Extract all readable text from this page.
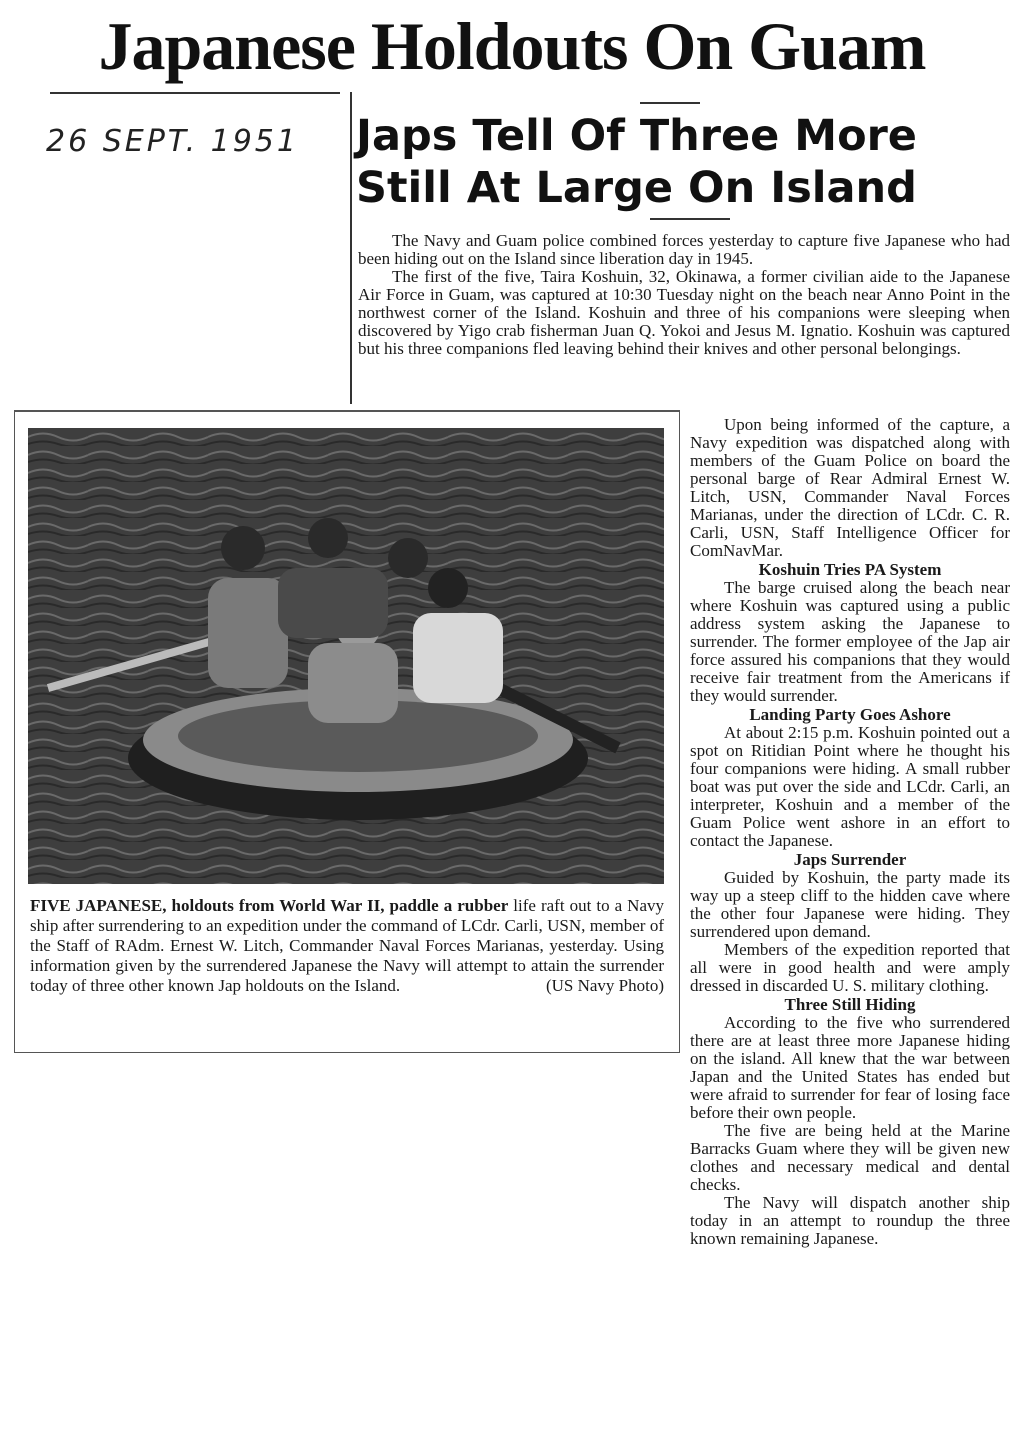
Japanese Holdouts On Guam
26 SEPT. 1951 Japs Tell Of Three More
Still At Large On Island

The Navy and Guam police combined forces yesterday to capture five Japanese who had been hiding out on the Island since liberation day in 1945.

The first of the five, Taira Koshuin, 32, Okinawa, a former civilian aide to the Japanese Air Force in Guam, was captured at 10:30 Tuesday night on the beach near Anno Point in the northwest corner of the Island. Koshuin and three of his companions were sleeping when discovered by Yigo crab fisherman Juan Q. Yokoi and Jesus M. Ignatio. Koshuin was captured but his three companions fled leaving behind their knives and other personal belongings.

FIVE JAPANESE, holdouts from World War II, paddle a rubber life raft out to a Navy ship after surrendering to an expedition under the command of LCdr. Carli, USN, member of the Staff of RAdm. Ernest W. Litch, Commander Naval Forces Marianas, yesterday. Using information given by the surrendered Japanese the Navy will attempt to attain the surrender today of three other known Jap holdouts on the Island.	(US Navy Photo)

Upon being informed of the capture, a Navy expedition was dispatched along with members of the Guam Police on board the personal barge of Rear Admiral Ernest W. Litch, USN, Commander Naval Forces Marianas, under the direction of LCdr. C. R. Carli, USN, Staff Intelligence Officer for ComNavMar.

Koshuin Tries PA System

The barge cruised along the beach near where Koshuin was captured using a public address system asking the Japanese to surrender. The former employee of the Jap air force assured his companions that they would receive fair treatment from the Americans if they would surrender.

Landing Party Goes Ashore

At about 2:15 p.m. Koshuin pointed out a spot on Ritidian Point where he thought his four companions were hiding. A small rubber boat was put over the side and LCdr. Carli, an interpreter, Koshuin and a member of the Guam Police went ashore in an effort to contact the Japanese.

Japs Surrender

Guided by Koshuin, the party made its way up a steep cliff to the hidden cave where the other four Japanese were hiding. They surrendered upon demand.

Members of the expedition reported that all were in good health and were amply dressed in discarded U. S. military clothing.

Three Still Hiding

According to the five who surrendered there are at least three more Japanese hiding on the island. All knew that the war between Japan and the United States has ended but were afraid to surrender for fear of losing face before their own people.

The five are being held at the Marine Barracks Guam where they will be given new clothes and necessary medical and dental checks.

The Navy will dispatch another ship today in an attempt to roundup the three known remaining Japanese.
